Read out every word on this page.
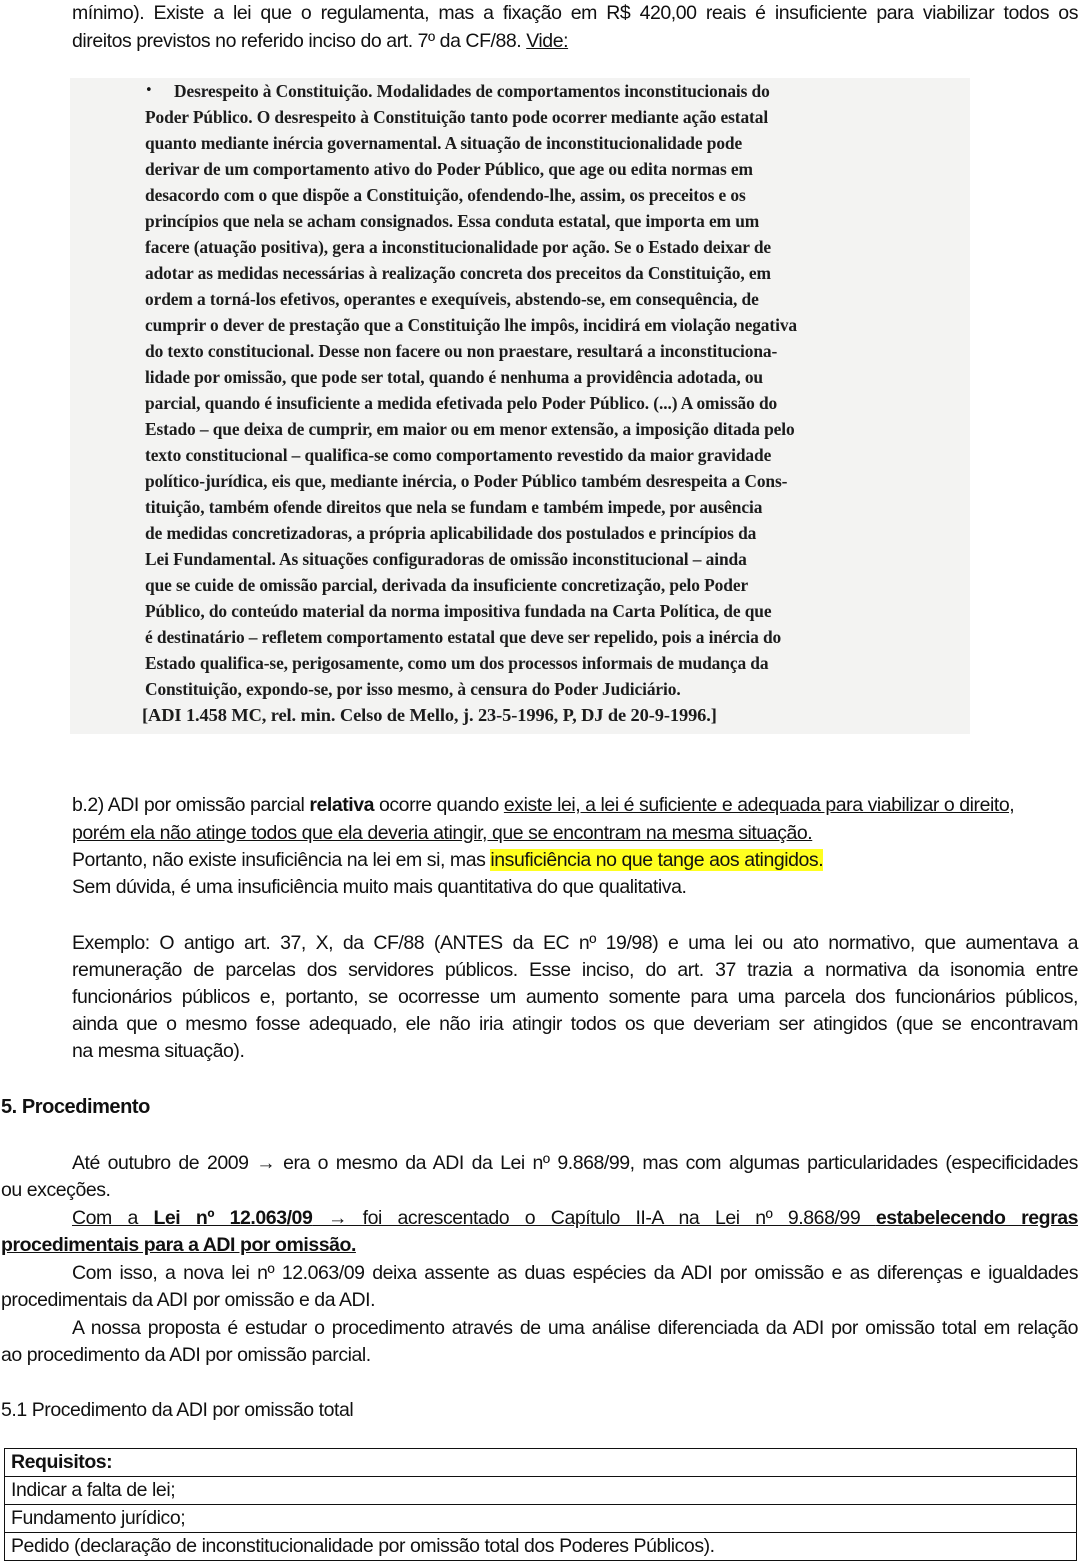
mínimo). Existe a lei que o regulamenta, mas a fixação em R$ 420,00 reais é insuficiente para viabilizar todos os
direitos previstos no referido inciso do art. 7º da CF/88. Vide:
• Desrespeito à Constituição. Modalidades de comportamentos inconstitucionais do
Poder Público. O desrespeito à Constituição tanto pode ocorrer mediante ação estatal
quanto mediante inércia governamental. A situação de inconstitucionalidade pode
derivar de um comportamento ativo do Poder Público, que age ou edita normas em
desacordo com o que dispõe a Constituição, ofendendo-lhe, assim, os preceitos e os
princípios que nela se acham consignados. Essa conduta estatal, que importa em um
facere (atuação positiva), gera a inconstitucionalidade por ação. Se o Estado deixar de
adotar as medidas necessárias à realização concreta dos preceitos da Constituição, em
ordem a torná-los efetivos, operantes e exequíveis, abstendo-se, em consequência, de
cumprir o dever de prestação que a Constituição lhe impôs, incidirá em violação negativa
do texto constitucional. Desse non facere ou non praestare, resultará a inconstituciona-
lidade por omissão, que pode ser total, quando é nenhuma a providência adotada, ou
parcial, quando é insuficiente a medida efetivada pelo Poder Público. (...) A omissão do
Estado – que deixa de cumprir, em maior ou em menor extensão, a imposição ditada pelo
texto constitucional – qualifica-se como comportamento revestido da maior gravidade
político-jurídica, eis que, mediante inércia, o Poder Público também desrespeita a Cons-
tituição, também ofende direitos que nela se fundam e também impede, por ausência
de medidas concretizadoras, a própria aplicabilidade dos postulados e princípios da
Lei Fundamental. As situações configuradoras de omissão inconstitucional – ainda
que se cuide de omissão parcial, derivada da insuficiente concretização, pelo Poder
Público, do conteúdo material da norma impositiva fundada na Carta Política, de que
é destinatário – refletem comportamento estatal que deve ser repelido, pois a inércia do
Estado qualifica-se, perigosamente, como um dos processos informais de mudança da
Constituição, expondo-se, por isso mesmo, à censura do Poder Judiciário.
[ADI 1.458 MC, rel. min. Celso de Mello, j. 23-5-1996, P, DJ de 20-9-1996.]
b.2) ADI por omissão parcial relativa ocorre quando existe lei, a lei é suficiente e adequada para viabilizar o direito,
porém ela não atinge todos que ela deveria atingir, que se encontram na mesma situação.
Portanto, não existe insuficiência na lei em si, mas insuficiência no que tange aos atingidos.
Sem dúvida, é uma insuficiência muito mais quantitativa do que qualitativa.
Exemplo: O antigo art. 37, X, da CF/88 (ANTES da EC nº 19/98) e uma lei ou ato normativo, que aumentava a
remuneração de parcelas dos servidores públicos. Esse inciso, do art. 37 trazia a normativa da isonomia entre
funcionários públicos e, portanto, se ocorresse um aumento somente para uma parcela dos funcionários públicos,
ainda que o mesmo fosse adequado, ele não iria atingir todos os que deveriam ser atingidos (que se encontravam
na mesma situação).
5. Procedimento
Até outubro de 2009 → era o mesmo da ADI da Lei nº 9.868/99, mas com algumas particularidades (especificidades
ou exceções.
Com a Lei nº 12.063/09 → foi acrescentado o Capítulo II-A na Lei nº 9.868/99 estabelecendo regras
procedimentais para a ADI por omissão.
Com isso, a nova lei nº 12.063/09 deixa assente as duas espécies da ADI por omissão e as diferenças e igualdades
procedimentais da ADI por omissão e da ADI.
A nossa proposta é estudar o procedimento através de uma análise diferenciada da ADI por omissão total em relação
ao procedimento da ADI por omissão parcial.
5.1 Procedimento da ADI por omissão total
Requisitos:
Indicar a falta de lei;
Fundamento jurídico;
Pedido (declaração de inconstitucionalidade por omissão total dos Poderes Públicos).
